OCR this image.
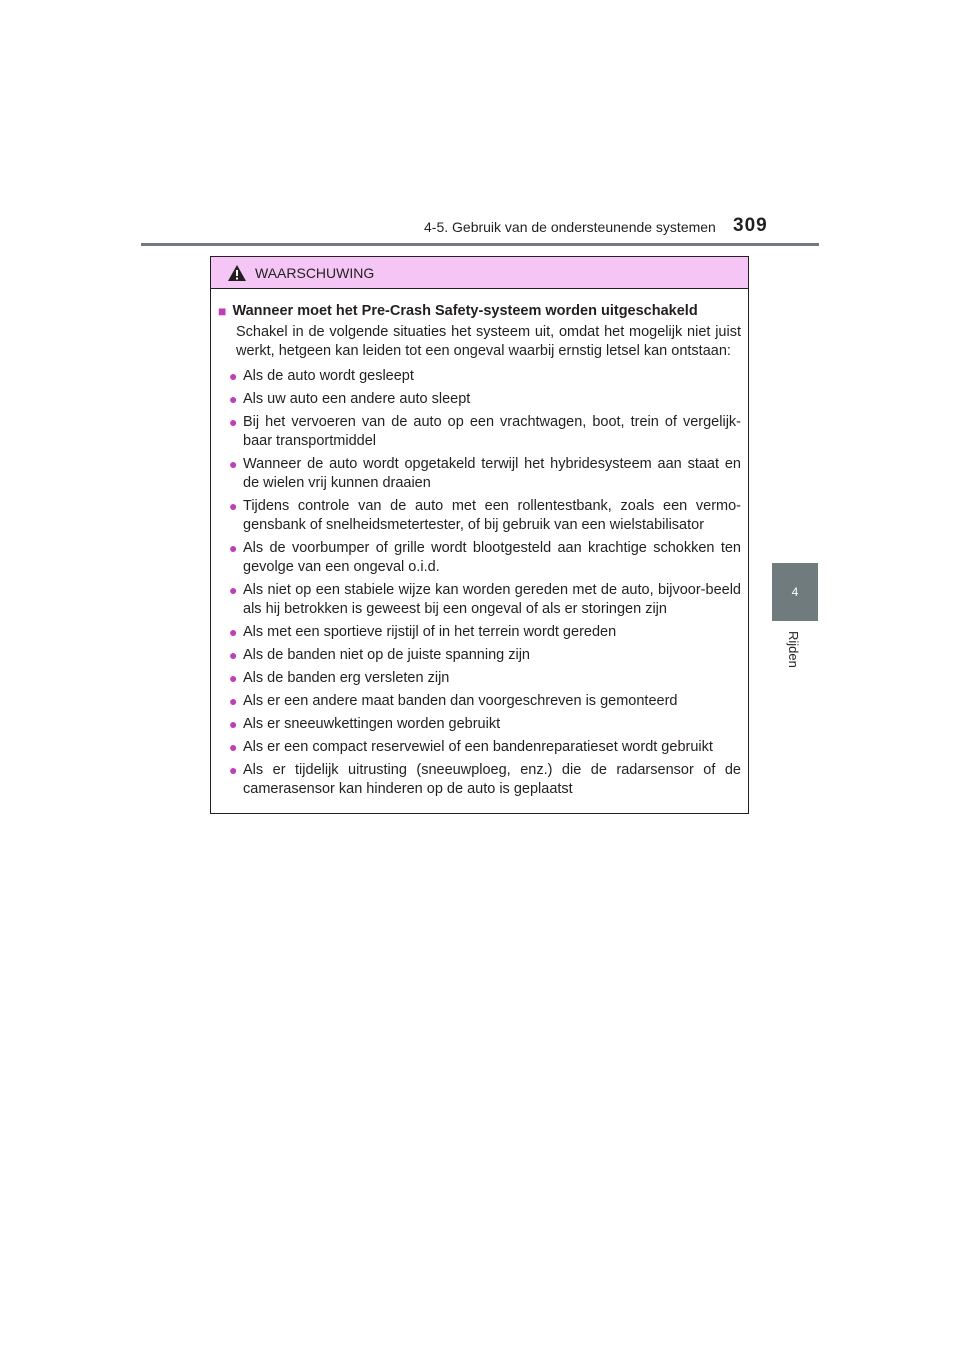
4-5. Gebruik van de ondersteunende systemen 309
4
Rijden
WAARSCHUWING
■ Wanneer moet het Pre-Crash Safety-systeem worden uitgeschakeld
Schakel in de volgende situaties het systeem uit, omdat het mogelijk niet juist werkt, hetgeen kan leiden tot een ongeval waarbij ernstig letsel kan ontstaan:
● Als de auto wordt gesleept
● Als uw auto een andere auto sleept
● Bij het vervoeren van de auto op een vrachtwagen, boot, trein of vergelijk-baar transportmiddel
● Wanneer de auto wordt opgetakeld terwijl het hybridesysteem aan staat en de wielen vrij kunnen draaien
● Tijdens controle van de auto met een rollentestbank, zoals een vermo-gensbank of snelheidsmetertester, of bij gebruik van een wielstabilisator
● Als de voorbumper of grille wordt blootgesteld aan krachtige schokken ten gevolge van een ongeval o.i.d.
● Als niet op een stabiele wijze kan worden gereden met de auto, bijvoor-beeld als hij betrokken is geweest bij een ongeval of als er storingen zijn
● Als met een sportieve rijstijl of in het terrein wordt gereden
● Als de banden niet op de juiste spanning zijn
● Als de banden erg versleten zijn
● Als er een andere maat banden dan voorgeschreven is gemonteerd
● Als er sneeuwkettingen worden gebruikt
● Als er een compact reservewiel of een bandenreparatieset wordt gebruikt
● Als er tijdelijk uitrusting (sneeuwploeg, enz.) die de radarsensor of de camerasensor kan hinderen op de auto is geplaatst
